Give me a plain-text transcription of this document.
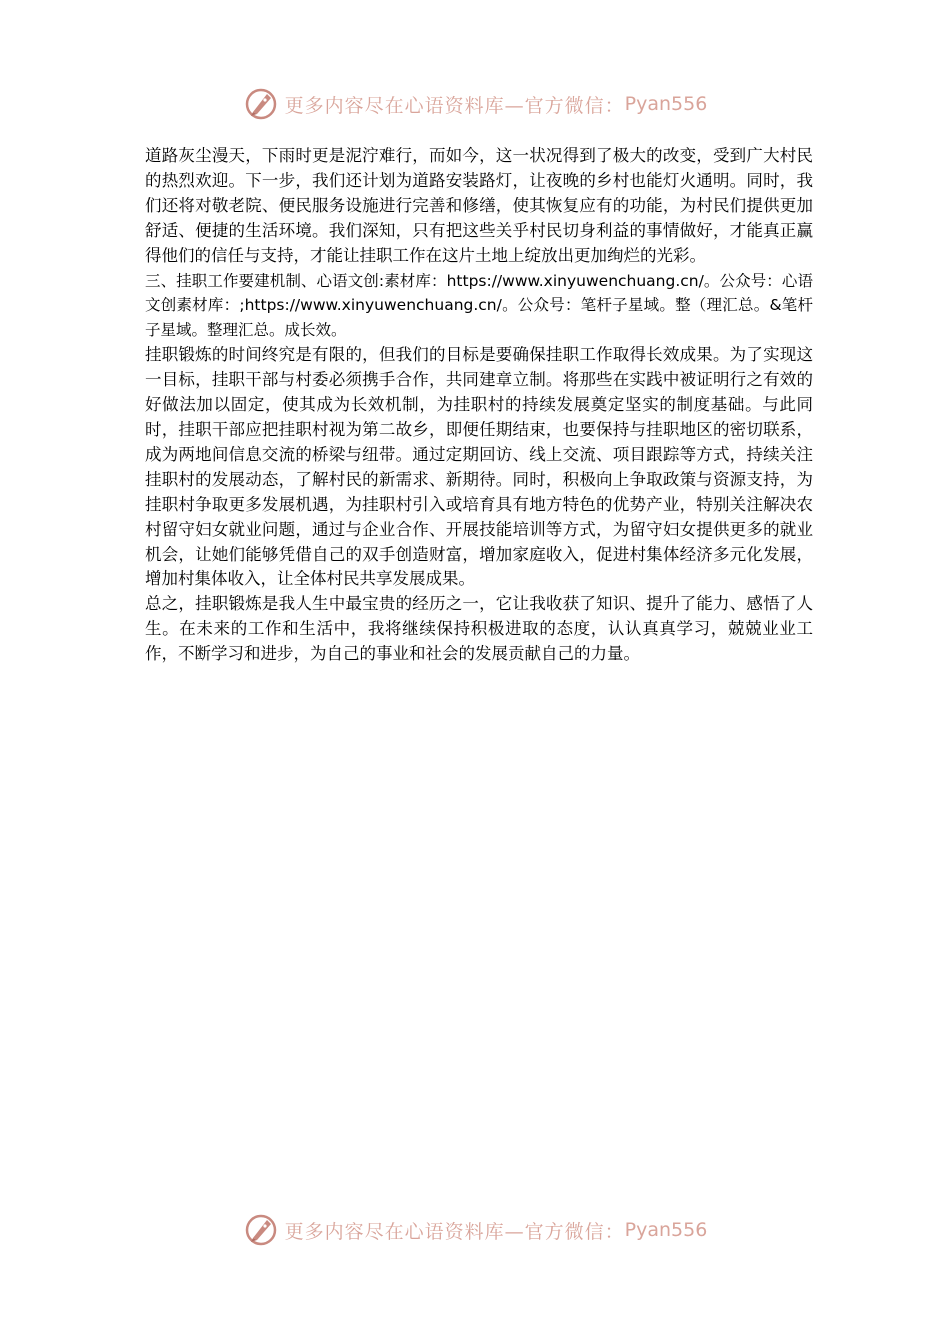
更多内容尽在心语资料库—官方微信： Pyan556

道路灰尘漫天，下雨时更是泥泞难行，而如今，这一状况得到了极大的改变，受到广大村民的热烈欢迎。下一步，我们还计划为道路安装路灯，让夜晚的乡村也能灯火通明。同时，我们还将对敬老院、便民服务设施进行完善和修缮，使其恢复应有的功能，为村民们提供更加舒适、便捷的生活环境。我们深知，只有把这些关乎村民切身利益的事情做好，才能真正赢得他们的信任与支持，才能让挂职工作在这片土地上绽放出更加绚烂的光彩。

三、挂职工作要建机制、心语文创:素材库：https://www.xinyuwenchuang.cn/。公众号：心语文创素材库：;https://www.xinyuwenchuang.cn/。公众号：笔杆子星域。整（理汇总。&笔杆子星域。整理汇总。成长效。

挂职锻炼的时间终究是有限的，但我们的目标是要确保挂职工作取得长效成果。为了实现这一目标，挂职干部与村委必须携手合作，共同建章立制。将那些在实践中被证明行之有效的好做法加以固定，使其成为长效机制，为挂职村的持续发展奠定坚实的制度基础。与此同时，挂职干部应把挂职村视为第二故乡，即便任期结束，也要保持与挂职地区的密切联系，成为两地间信息交流的桥梁与纽带。通过定期回访、线上交流、项目跟踪等方式，持续关注挂职村的发展动态，了解村民的新需求、新期待。同时，积极向上争取政策与资源支持，为挂职村争取更多发展机遇，为挂职村引入或培育具有地方特色的优势产业，特别关注解决农村留守妇女就业问题，通过与企业合作、开展技能培训等方式，为留守妇女提供更多的就业机会，让她们能够凭借自己的双手创造财富，增加家庭收入，促进村集体经济多元化发展，增加村集体收入，让全体村民共享发展成果。

总之，挂职锻炼是我人生中最宝贵的经历之一，它让我收获了知识、提升了能力、感悟了人生。在未来的工作和生活中，我将继续保持积极进取的态度，认认真真学习，兢兢业业工作，不断学习和进步，为自己的事业和社会的发展贡献自己的力量。

更多内容尽在心语资料库—官方微信： Pyan556
